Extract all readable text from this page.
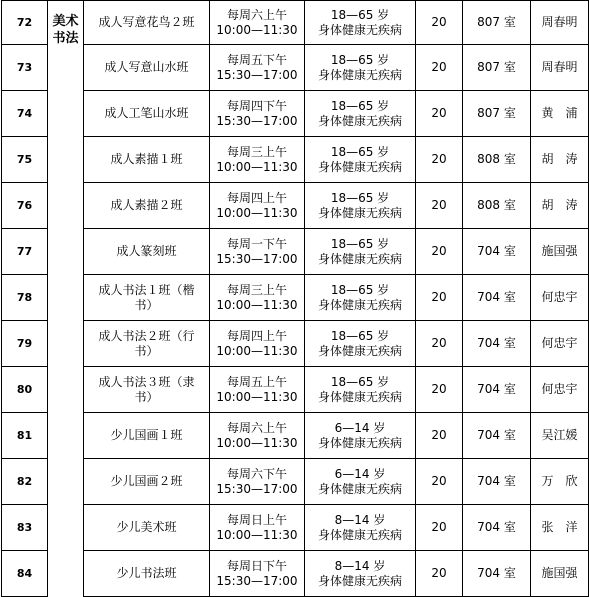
72	美术书法	成人写意花鸟２班	每周六上午
10:00—11:30	18—65 岁
身体健康无疾病	20	807 室	周春明
73		成人写意山水班	每周五下午
15:30—17:00	18—65 岁
身体健康无疾病	20	807 室	周春明
74		成人工笔山水班	每周四下午
15:30—17:00	18—65 岁
身体健康无疾病	20	807 室	黄　浦
75		成人素描１班	每周三上午
10:00—11:30	18—65 岁
身体健康无疾病	20	808 室	胡　涛
76		成人素描２班	每周四上午
10:00—11:30	18—65 岁
身体健康无疾病	20	808 室	胡　涛
77		成人篆刻班	每周一下午
15:30—17:00	18—65 岁
身体健康无疾病	20	704 室	施国强
78		成人书法１班（楷书）	每周三上午
10:00—11:30	18—65 岁
身体健康无疾病	20	704 室	何忠宇
79		成人书法２班（行书）	每周四上午
10:00—11:30	18—65 岁
身体健康无疾病	20	704 室	何忠宇
80		成人书法３班（隶书）	每周五上午
10:00—11:30	18—65 岁
身体健康无疾病	20	704 室	何忠宇
81		少儿国画１班	每周六上午
10:00—11:30	6—14 岁
身体健康无疾病	20	704 室	吴江媛
82		少儿国画２班	每周六下午
15:30—17:00	6—14 岁
身体健康无疾病	20	704 室	万　欣
83		少儿美术班	每周日上午
10:00—11:30	8—14 岁
身体健康无疾病	20	704 室	张　洋
84		少儿书法班	每周日下午
15:30—17:00	8—14 岁
身体健康无疾病	20	704 室	施国强
